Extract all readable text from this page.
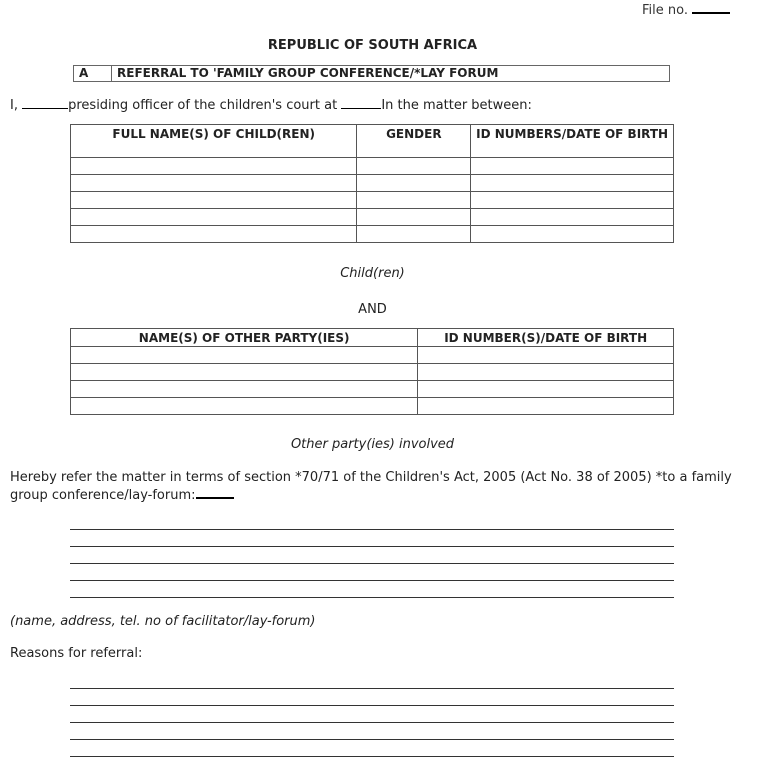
File no.
REPUBLIC OF SOUTH AFRICA
A	REFERRAL TO 'FAMILY GROUP CONFERENCE/*LAY FORUM
I,	presiding officer of the children's court at	In the matter between:
FULL NAME(S) OF CHILD(REN)	GENDER	ID NUMBERS/DATE OF BIRTH

Child(ren)
AND
NAME(S) OF OTHER PARTY(IES)	ID NUMBER(S)/DATE OF BIRTH

Other party(ies) involved
Hereby refer the matter in terms of section *70/71 of the Children's Act, 2005 (Act No. 38 of 2005) *to a family group conference/lay-forum:
(name, address, tel. no of facilitator/lay-forum)
Reasons for referral:
